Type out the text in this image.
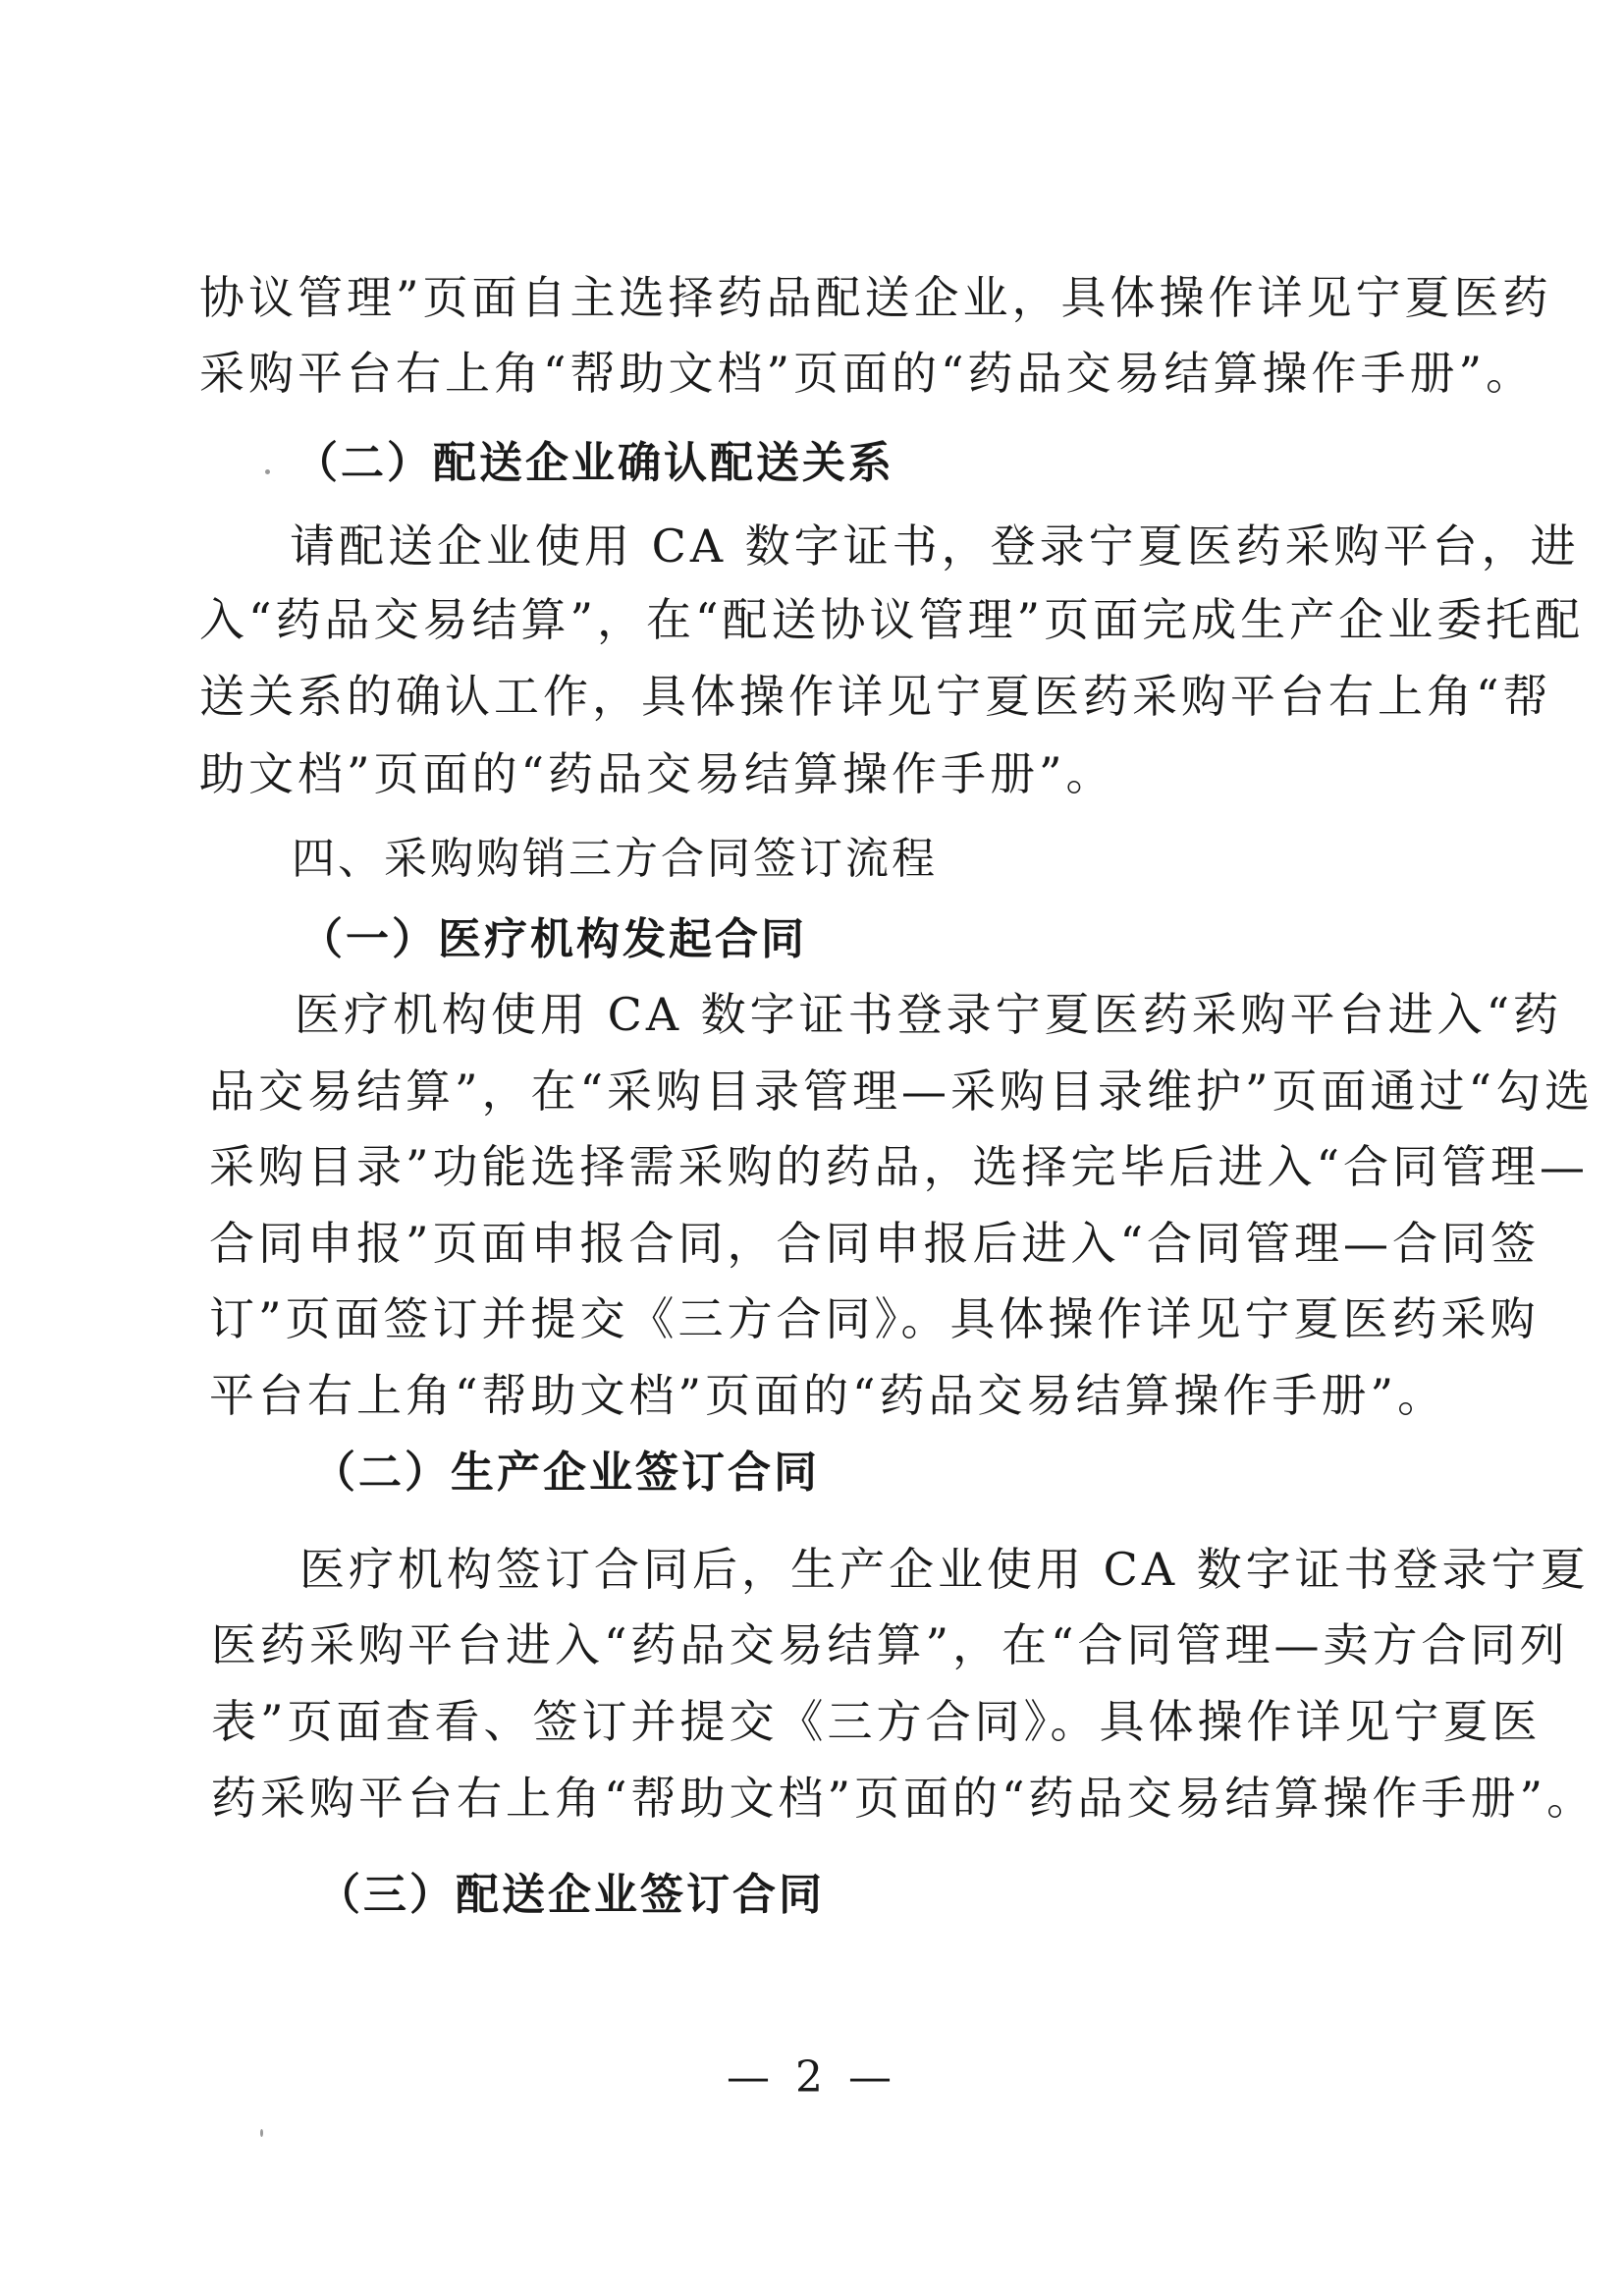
协议管理”页面自主选择药品配送企业，具体操作详见宁夏医药
采购平台右上角“帮助文档”页面的“药品交易结算操作手册”。
（二）配送企业确认配送关系
请配送企业使用 CA 数字证书，登录宁夏医药采购平台，进
入“药品交易结算”，在“配送协议管理”页面完成生产企业委托配
送关系的确认工作，具体操作详见宁夏医药采购平台右上角“帮
助文档”页面的“药品交易结算操作手册”。
四、采购购销三方合同签订流程
（一）医疗机构发起合同
医疗机构使用 CA 数字证书登录宁夏医药采购平台进入“药
品交易结算”，在“采购目录管理—采购目录维护”页面通过“勾选
采购目录”功能选择需采购的药品，选择完毕后进入“合同管理—
合同申报”页面申报合同，合同申报后进入“合同管理—合同签
订”页面签订并提交《三方合同》。具体操作详见宁夏医药采购
平台右上角“帮助文档”页面的“药品交易结算操作手册”。
（二）生产企业签订合同
医疗机构签订合同后，生产企业使用 CA 数字证书登录宁夏
医药采购平台进入“药品交易结算”，在“合同管理—卖方合同列
表”页面查看、签订并提交《三方合同》。具体操作详见宁夏医
药采购平台右上角“帮助文档”页面的“药品交易结算操作手册”。
（三）配送企业签订合同
— 2 —
